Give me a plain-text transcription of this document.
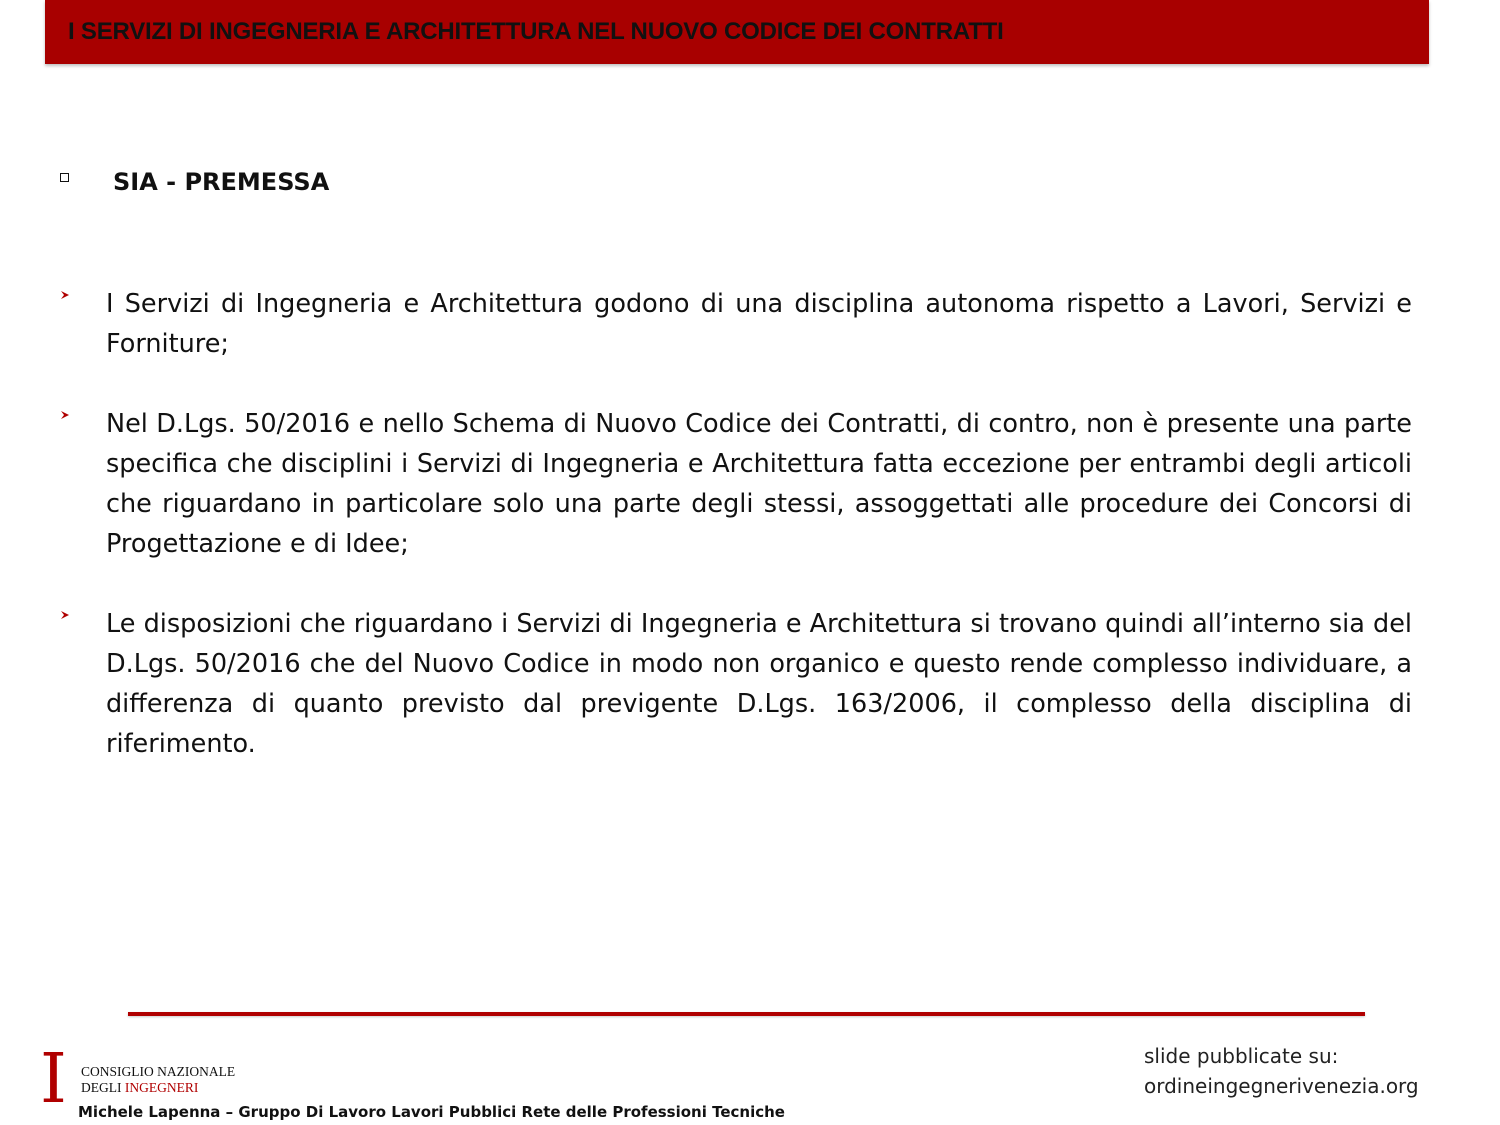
I SERVIZI DI INGEGNERIA E ARCHITETTURA NEL NUOVO CODICE DEI CONTRATTI
SIA - PREMESSA
I Servizi di Ingegneria e Architettura godono di una disciplina autonoma rispetto a Lavori, Servizi e Forniture;
Nel D.Lgs. 50/2016 e nello Schema di Nuovo Codice dei Contratti, di contro, non è presente una parte specifica che disciplini i Servizi di Ingegneria e Architettura fatta eccezione per entrambi degli articoli che riguardano in particolare solo una parte degli stessi, assoggettati alle procedure dei Concorsi di Progettazione e di Idee;
Le disposizioni che riguardano i Servizi di Ingegneria e Architettura si trovano quindi all’interno sia del D.Lgs. 50/2016 che del Nuovo Codice in modo non organico e questo rende complesso individuare, a differenza di quanto previsto dal previgente D.Lgs. 163/2006, il complesso della disciplina di riferimento.
I CONSIGLIO NAZIONALE
DEGLI INGEGNERI
Michele Lapenna – Gruppo Di Lavoro Lavori Pubblici Rete delle Professioni Tecniche
slide pubblicate su:
ordineingegnerivenezia.org
